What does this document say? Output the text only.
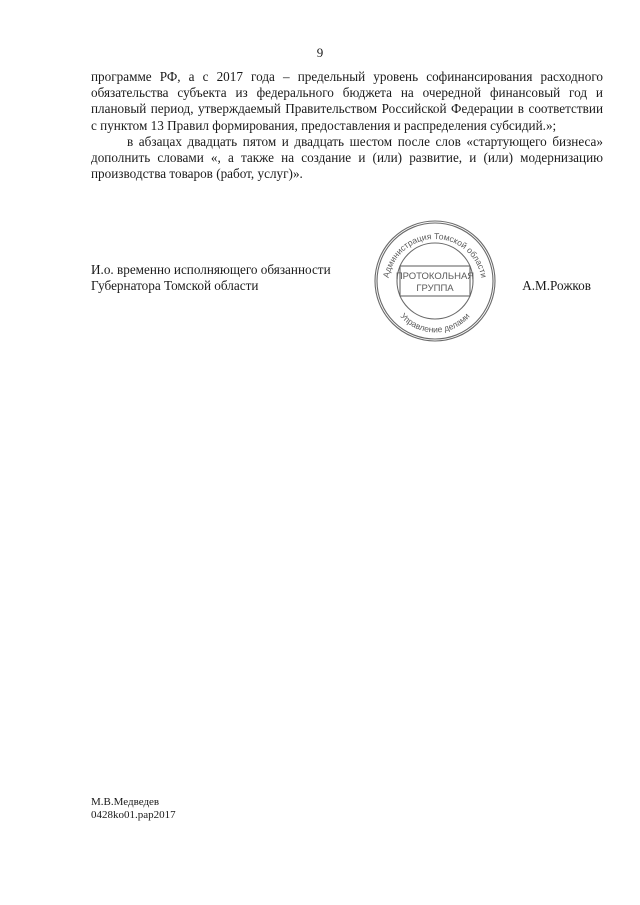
9

программе РФ, а с 2017 года – предельный уровень софинансирования расходного обязательства субъекта из федерального бюджета на очередной финансовый год и плановый период, утверждаемый Правительством Российской Федерации в соответствии с пунктом 13 Правил формирования, предоставления и распределения субсидий.»;

в абзацах двадцать пятом и двадцать шестом после слов «стартующего бизнеса» дополнить словами «, а также на создание и (или) развитие, и (или) модернизацию производства товаров (работ, услуг)».

И.о. временно исполняющего обязанности
Губернатора Томской области	А.М.Рожков
Администрация Томской области
Управление делами
ПРОТОКОЛЬНАЯ
ГРУППА
М.В.Медведев
0428ko01.pap2017
